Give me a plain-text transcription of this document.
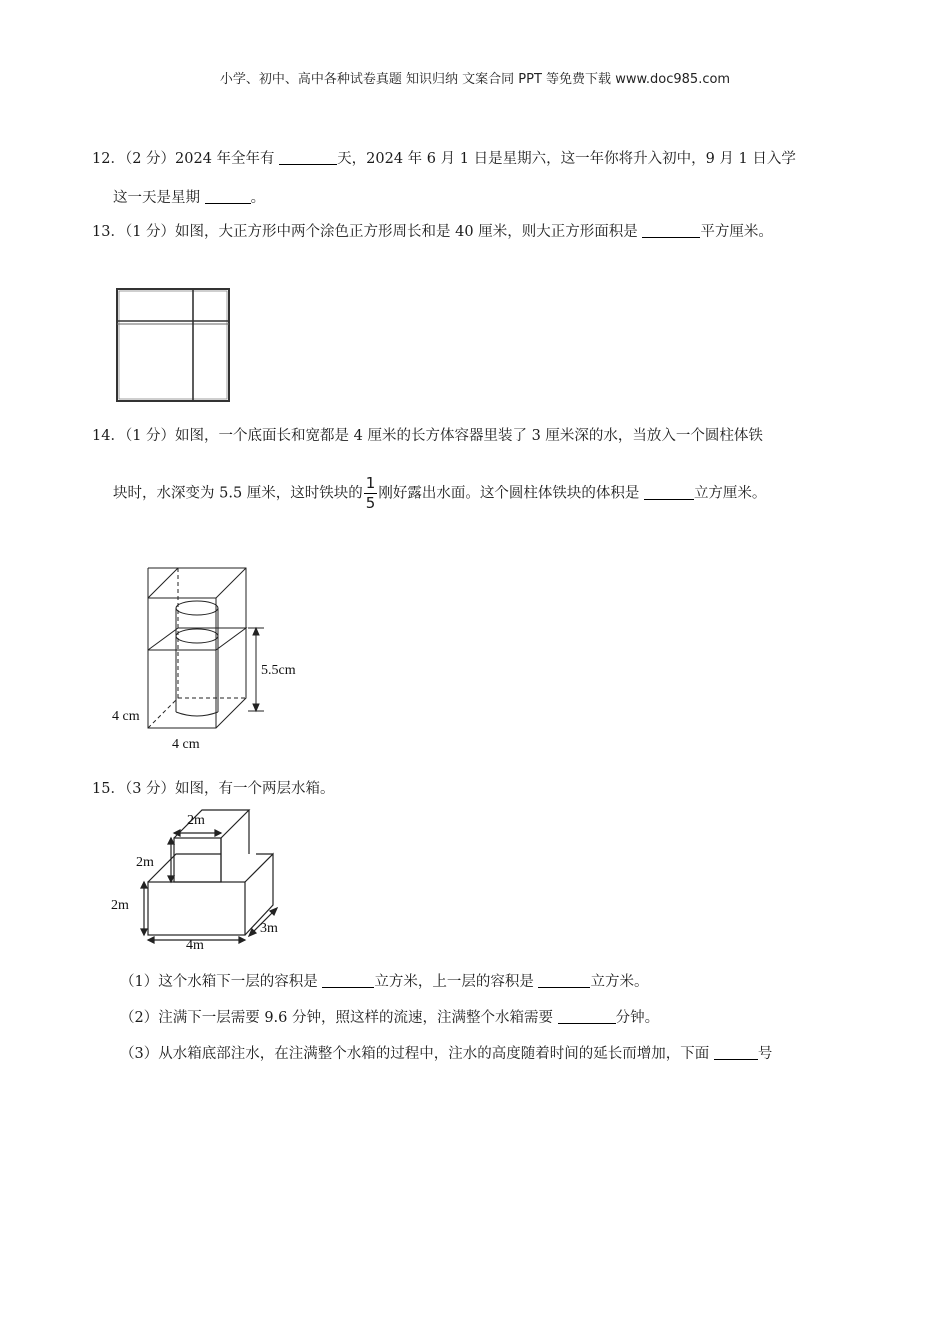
小学、初中、高中各种试卷真题 知识归纳 文案合同 PPT 等免费下载 www.doc985.com
12．（2 分）2024 年全年有	天，2024 年 6 月 1 日是星期六，这一年你将升入初中，9 月 1 日入学
这一天是星期	。
13．（1 分）如图，大正方形中两个涂色正方形周长和是 40 厘米，则大正方形面积是	平方厘米。
14．（1 分）如图，一个底面长和宽都是 4 厘米的长方体容器里装了 3 厘米深的水，当放入一个圆柱体铁
块时，水深变为 5.5 厘米，这时铁块的 $\frac{1}{5}$ 刚好露出水面。这个圆柱体铁块的体积是	立方厘米。
5.5cm
4 cm
4 cm
15．（3 分）如图，有一个两层水箱。
2m
2m
2m
4m
3m
（1）这个水箱下一层的容积是	立方米，上一层的容积是	立方米。
（2）注满下一层需要 9.6 分钟，照这样的流速，注满整个水箱需要	分钟。
（3）从水箱底部注水，在注满整个水箱的过程中，注水的高度随着时间的延长而增加，下面	号
